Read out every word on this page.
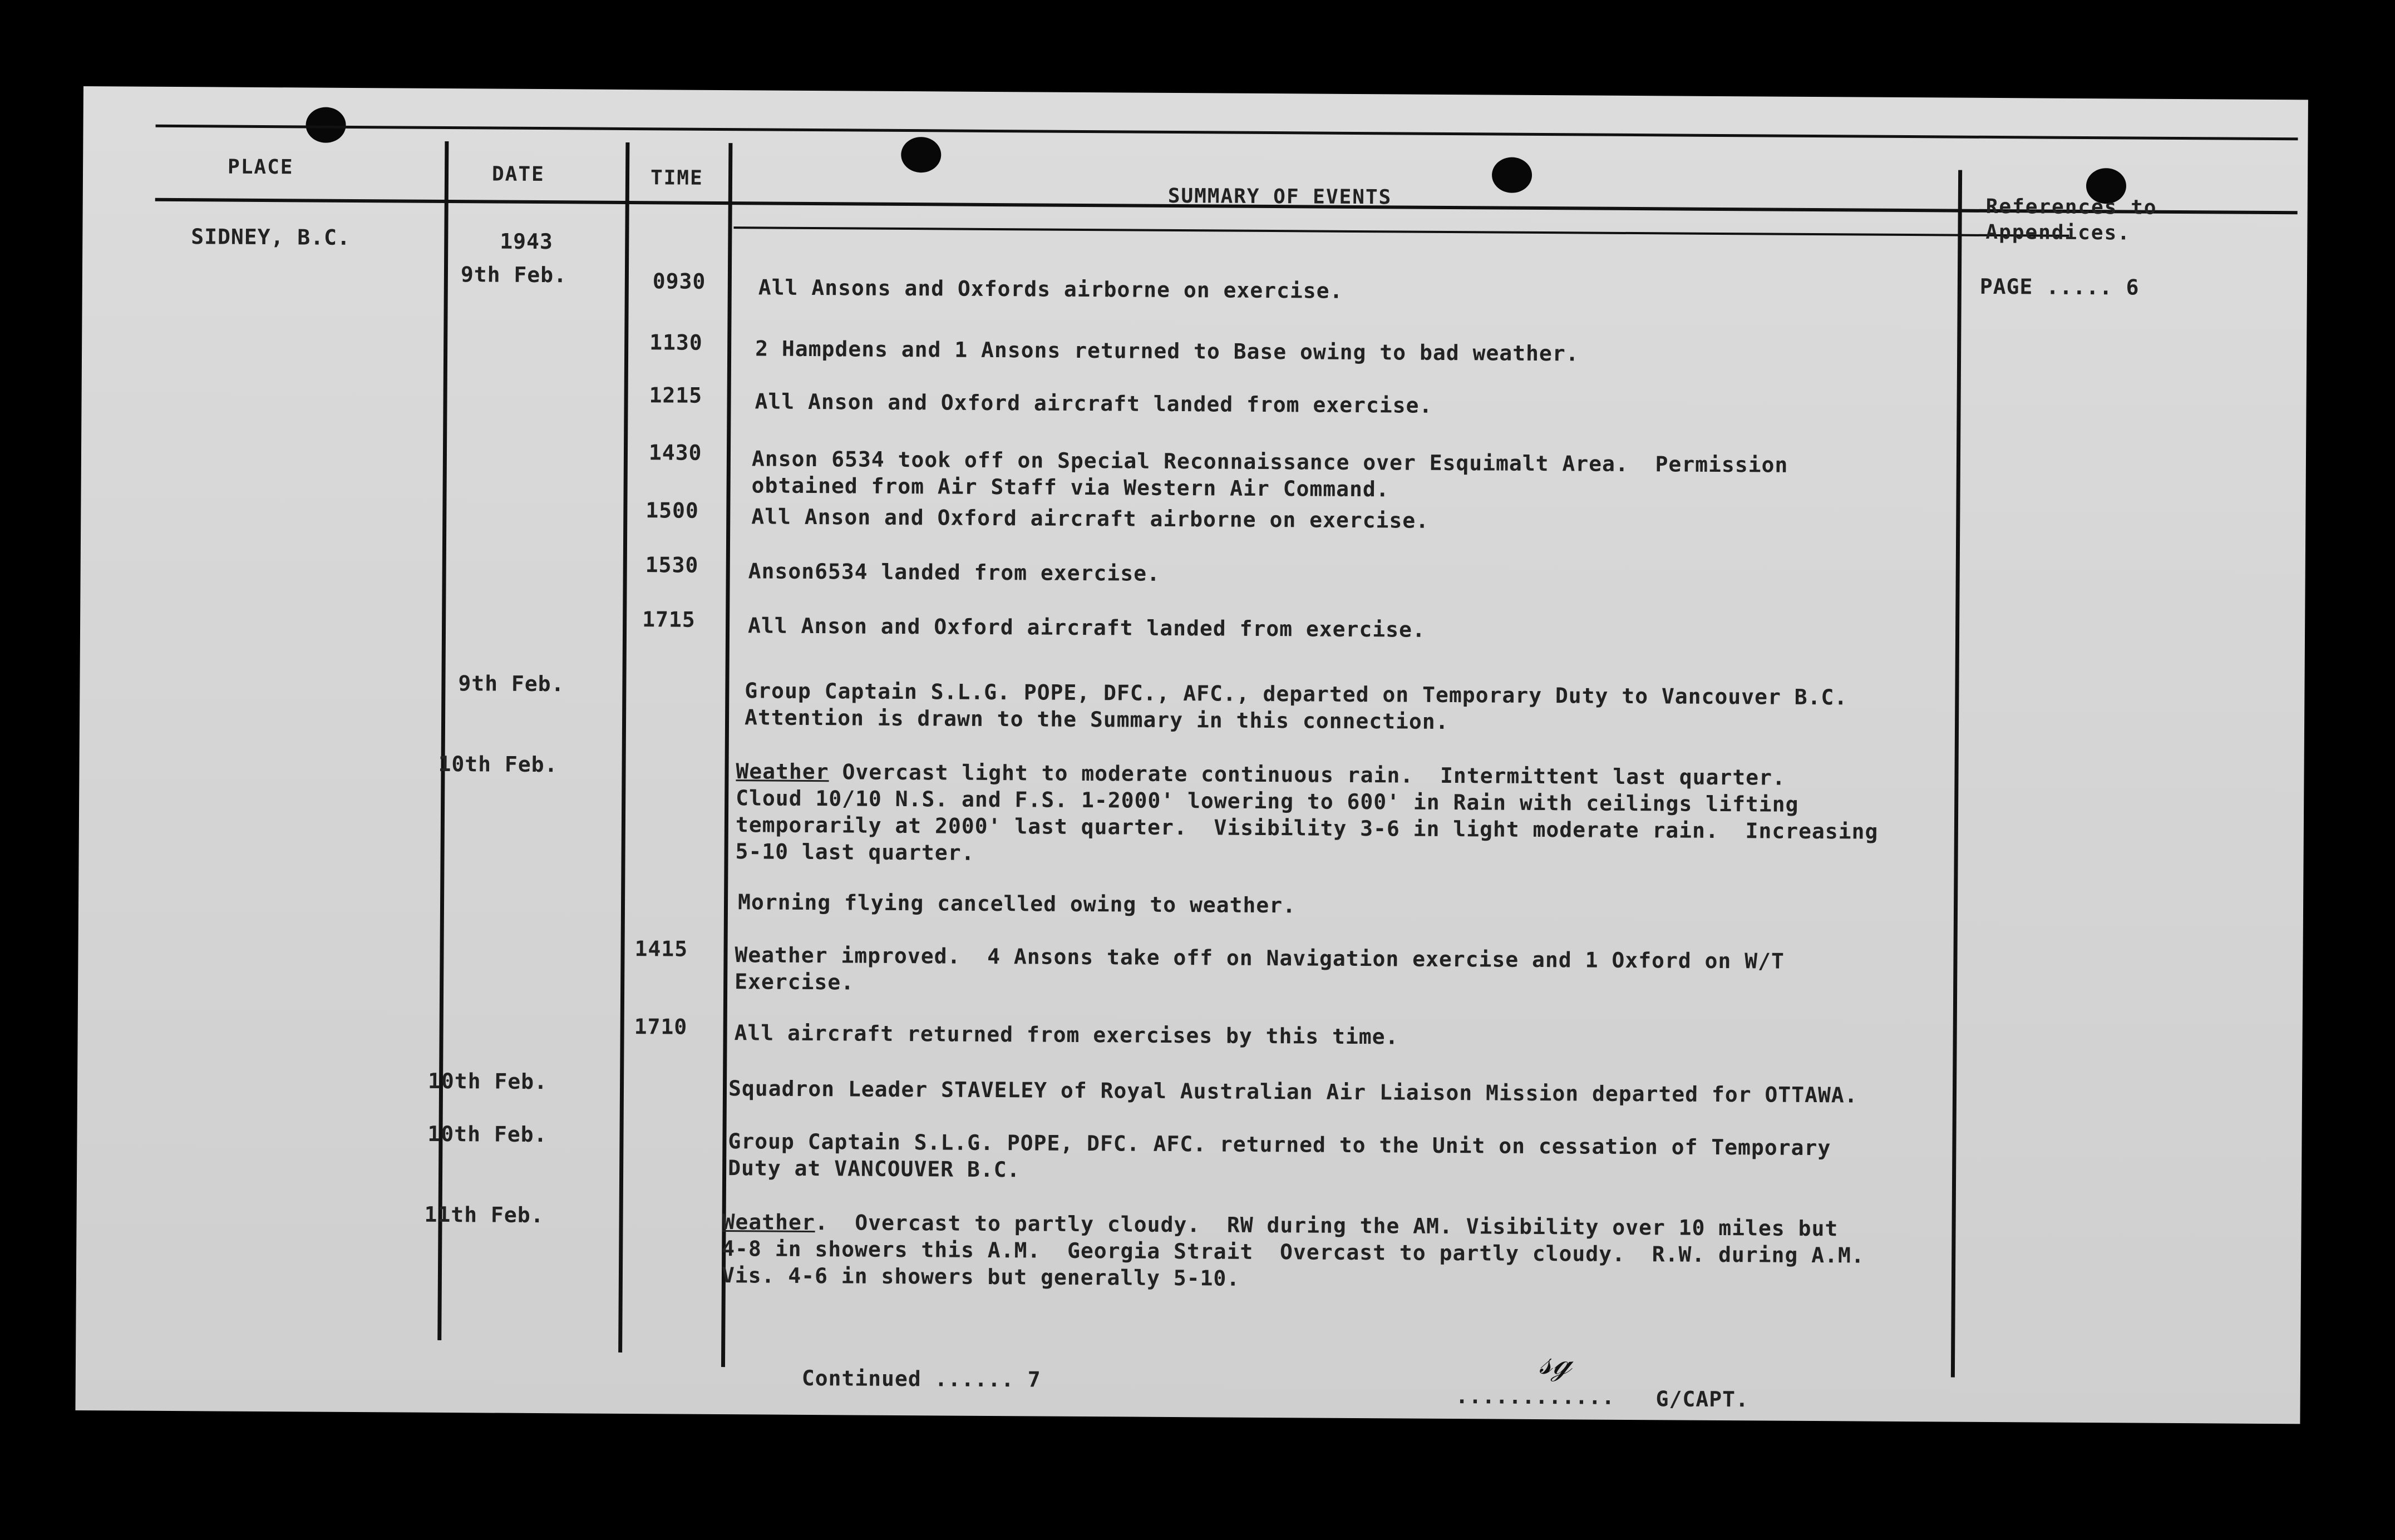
PLACE	DATE	TIME
SUMMARY OF EVENTS	References to
Appendices.
SIDNEY, B.C.	1943
PAGE ..... 6
Continued ...... 7
............
𝓈ℊ
G/CAPT.
9th Feb.	0930 All Ansons and Oxfords airborne on exercise.
1130 2 Hampdens and 1 Ansons returned to Base owing to bad weather.
1215 All Anson and Oxford aircraft landed from exercise.
1430 Anson 6534 took off on Special Reconnaissance over Esquimalt Area.  Permission
obtained from Air Staff via Western Air Command.
1500 All Anson and Oxford aircraft airborne on exercise.
1530 Anson6534 landed from exercise.
1715 All Anson and Oxford aircraft landed from exercise.
9th Feb.	Group Captain S.L.G. POPE, DFC., AFC., departed on Temporary Duty to Vancouver B.C.
Attention is drawn to the Summary in this connection.
10th Feb.	Weather Overcast light to moderate continuous rain.  Intermittent last quarter.
Cloud 10/10 N.S. and F.S. 1-2000' lowering to 600' in Rain with ceilings lifting
temporarily at 2000' last quarter.  Visibility 3-6 in light moderate rain.  Increasing
5-10 last quarter.
Morning flying cancelled owing to weather.
1415 Weather improved.  4 Ansons take off on Navigation exercise and 1 Oxford on W/T
Exercise.
1710 All aircraft returned from exercises by this time.
10th Feb.	Squadron Leader STAVELEY of Royal Australian Air Liaison Mission departed for OTTAWA.
10th Feb.	Group Captain S.L.G. POPE, DFC. AFC. returned to the Unit on cessation of Temporary
Duty at VANCOUVER B.C.
11th Feb.	Weather.  Overcast to partly cloudy.  RW during the AM. Visibility over 10 miles but
4-8 in showers this A.M.  Georgia Strait  Overcast to partly cloudy.  R.W. during A.M.
Vis. 4-6 in showers but generally 5-10.
